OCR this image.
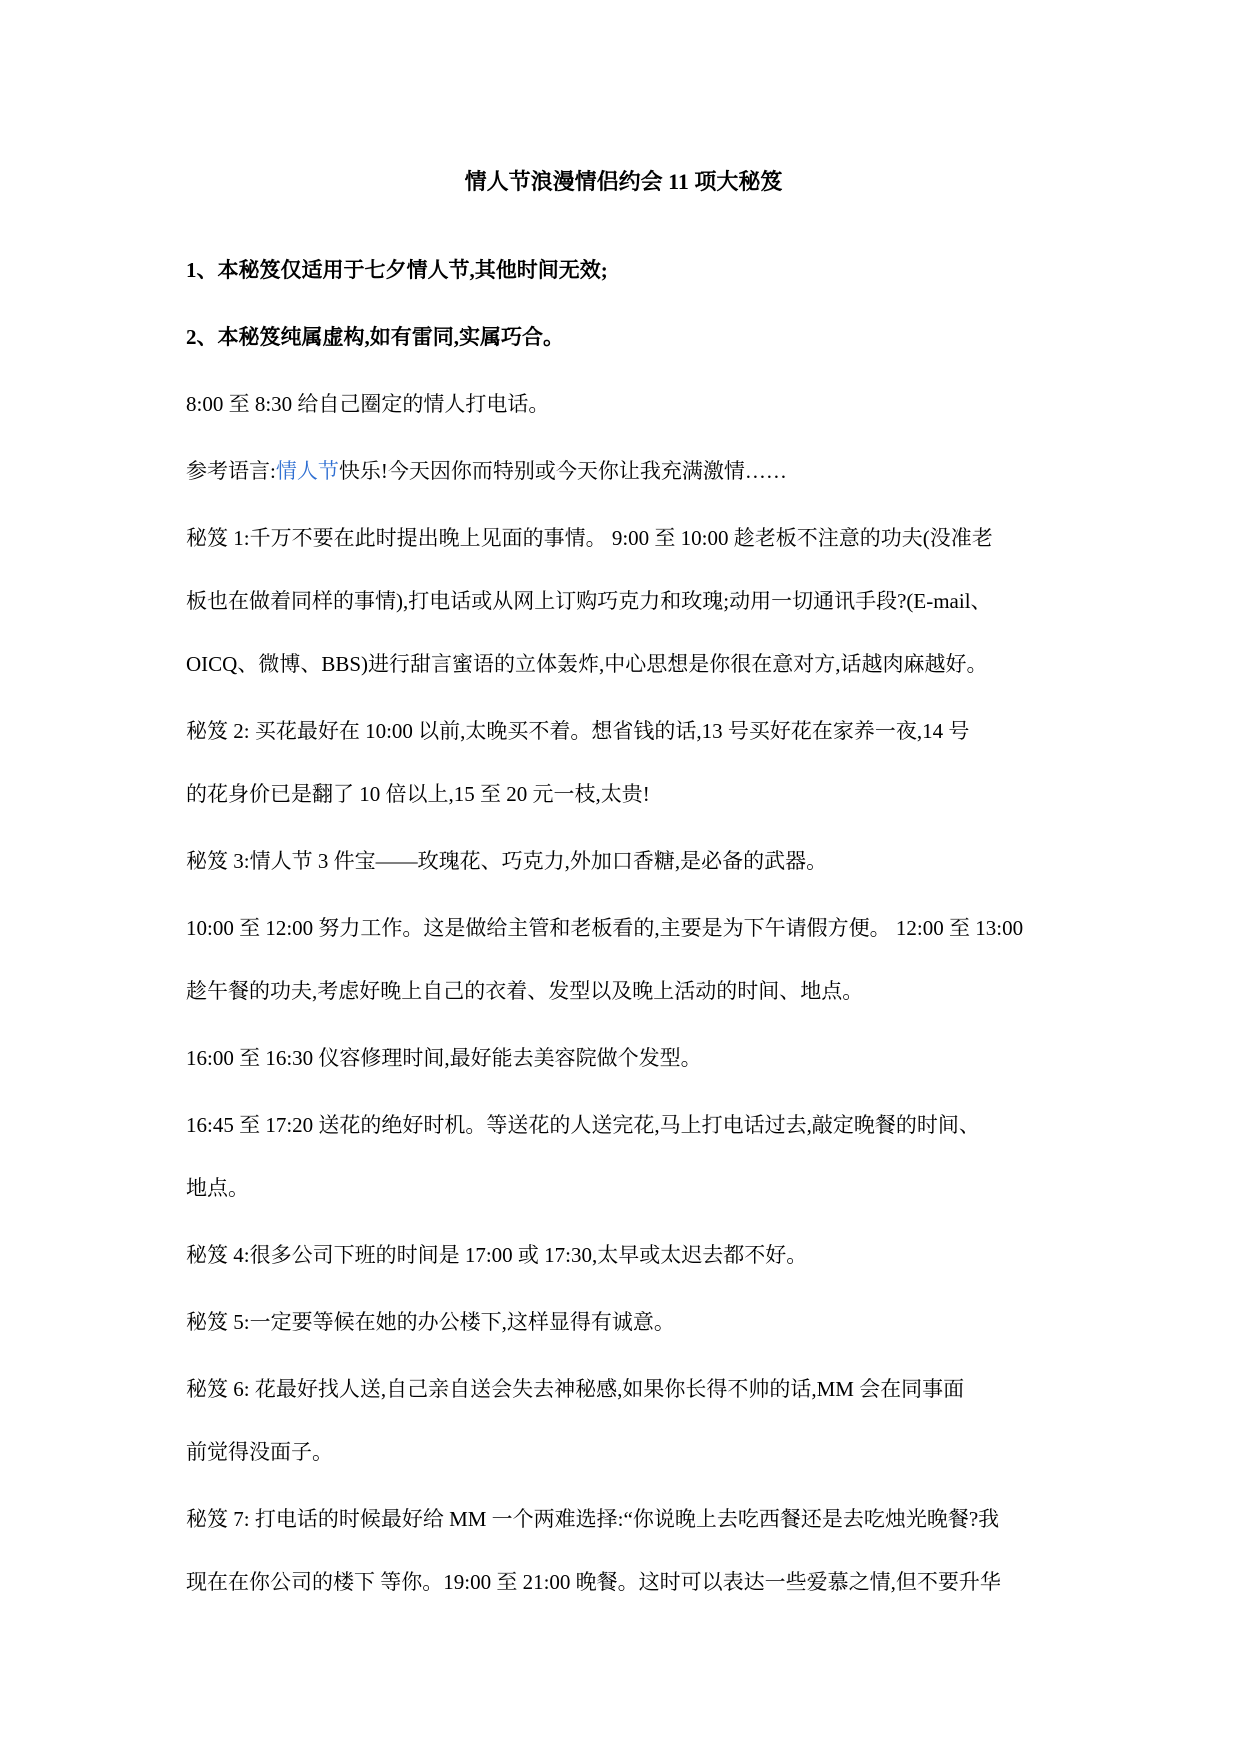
情人节浪漫情侣约会 11 项大秘笈
1、本秘笈仅适用于七夕情人节,其他时间无效;
2、本秘笈纯属虚构,如有雷同,实属巧合。
8:00 至 8:30 给自己圈定的情人打电话。
参考语言:情人节快乐!今天因你而特别或今天你让我充满激情……
秘笈 1:千万不要在此时提出晚上见面的事情。 9:00 至 10:00 趁老板不注意的功夫(没准老
板也在做着同样的事情),打电话或从网上订购巧克力和玫瑰;动用一切通讯手段?(E-mail、
OICQ、微博、BBS)进行甜言蜜语的立体轰炸,中心思想是你很在意对方,话越肉麻越好。
秘笈 2: 买花最好在 10:00 以前,太晚买不着。想省钱的话,13 号买好花在家养一夜,14 号
的花身价已是翻了 10 倍以上,15 至 20 元一枝,太贵!
秘笈 3:情人节 3 件宝——玫瑰花、巧克力,外加口香糖,是必备的武器。
10:00 至 12:00 努力工作。这是做给主管和老板看的,主要是为下午请假方便。 12:00 至 13:00
趁午餐的功夫,考虑好晚上自己的衣着、发型以及晚上活动的时间、地点。
16:00 至 16:30 仪容修理时间,最好能去美容院做个发型。
16:45 至 17:20 送花的绝好时机。等送花的人送完花,马上打电话过去,敲定晚餐的时间、
地点。
秘笈 4:很多公司下班的时间是 17:00 或 17:30,太早或太迟去都不好。
秘笈 5:一定要等候在她的办公楼下,这样显得有诚意。
秘笈 6: 花最好找人送,自己亲自送会失去神秘感,如果你长得不帅的话,MM 会在同事面
前觉得没面子。
秘笈 7: 打电话的时候最好给 MM 一个两难选择:“你说晚上去吃西餐还是去吃烛光晚餐?我
现在在你公司的楼下 等你。19:00 至 21:00 晚餐。这时可以表达一些爱慕之情,但不要升华
